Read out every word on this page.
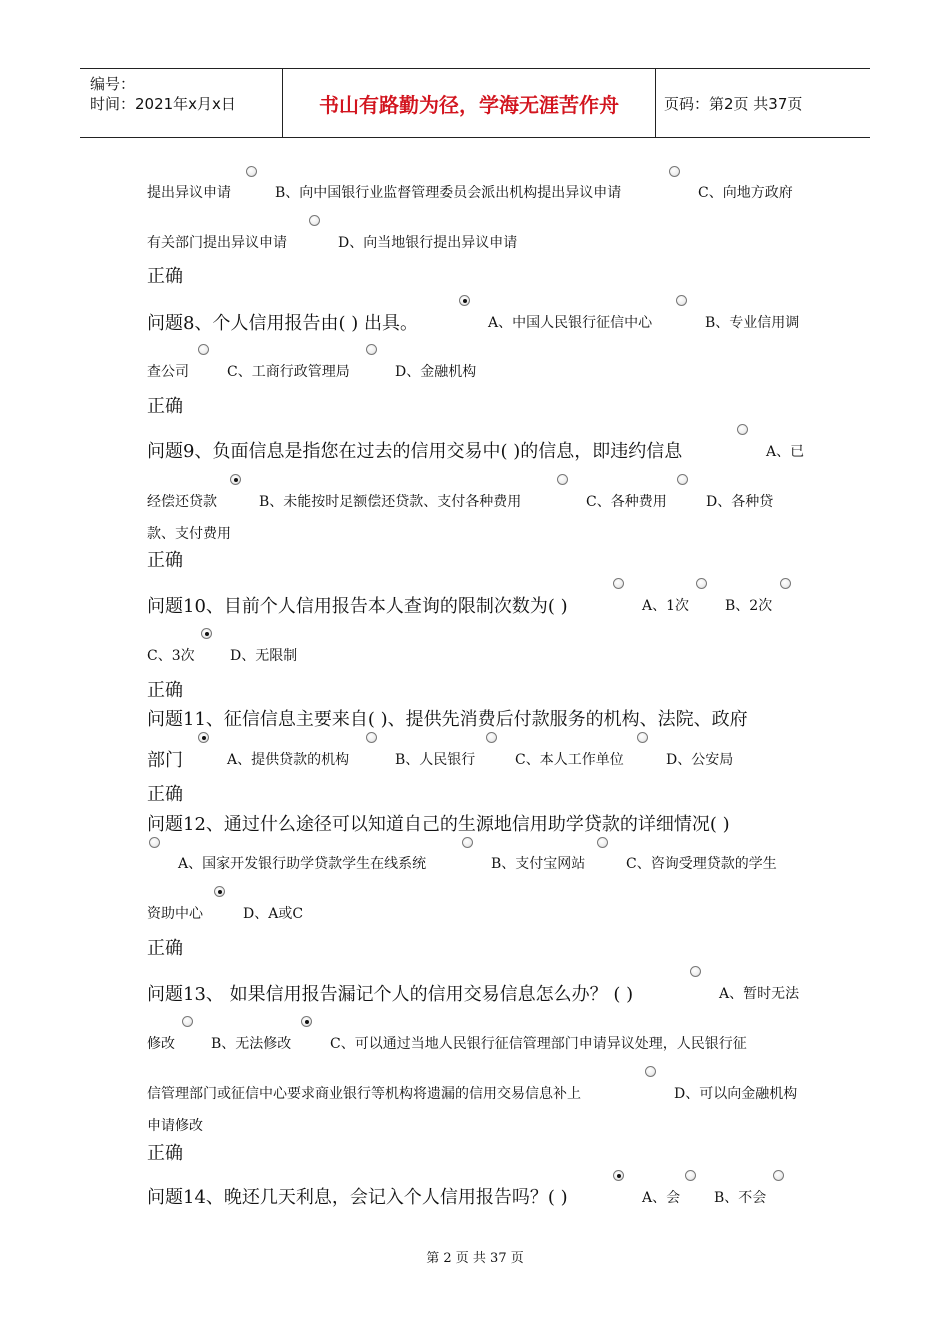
编号：
时间：2021年x月x日	书山有路勤为径，学海无涯苦作舟	页码：第2页 共37页
提出异议申请	B、向中国银行业监督管理委员会派出机构提出异议申请	C、向地方政府
有关部门提出异议申请	D、向当地银行提出异议申请
正确
问题8、个人信用报告由( ) 出具。	A、中国人民银行征信中心	B、专业信用调
查公司	C、工商行政管理局	D、金融机构
正确
问题9、负面信息是指您在过去的信用交易中( )的信息，即违约信息	A、已
经偿还贷款	B、未能按时足额偿还贷款、支付各种费用	C、各种费用	D、各种贷
款、支付费用
正确
问题10、目前个人信用报告本人查询的限制次数为( )	A、1次	B、2次
C、3次	D、无限制
正确
问题11、征信信息主要来自( )、提供先消费后付款服务的机构、法院、政府
部门	A、提供贷款的机构	B、人民银行	C、本人工作单位	D、公安局
正确
问题12、通过什么途径可以知道自己的生源地信用助学贷款的详细情况( )
A、国家开发银行助学贷款学生在线系统	B、支付宝网站	C、咨询受理贷款的学生
资助中心	D、A或C
正确
问题13、 如果信用报告漏记个人的信用交易信息怎么办？ ( )	A、暂时无法
修改	B、无法修改	C、可以通过当地人民银行征信管理部门申请异议处理，人民银行征
信管理部门或征信中心要求商业银行等机构将遗漏的信用交易信息补上	D、可以向金融机构
申请修改
正确
问题14、晚还几天利息，会记入个人信用报告吗？( )	A、会 B、不会
第 2 页 共 37 页
